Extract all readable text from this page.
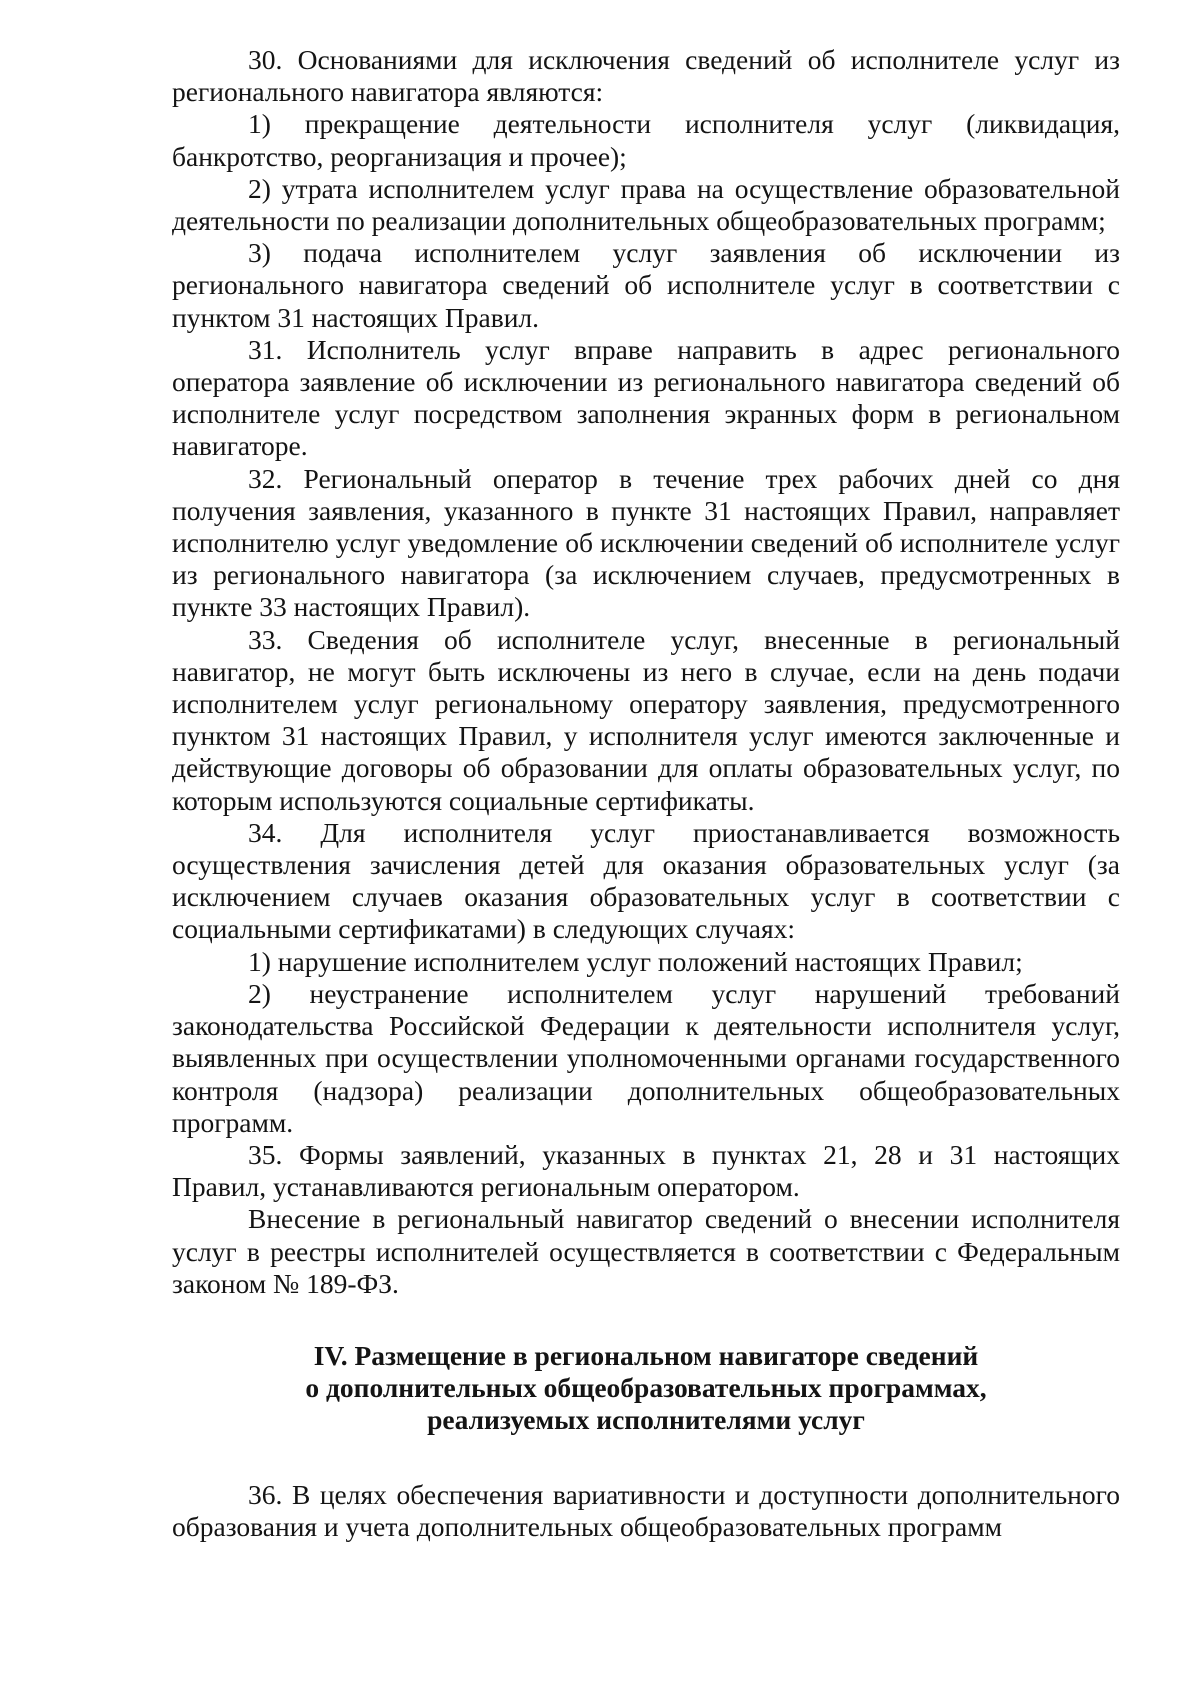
30. Основаниями для исключения сведений об исполнителе услуг из регионального навигатора являются:

1) прекращение деятельности исполнителя услуг (ликвидация, банкротство, реорганизация и прочее);

2) утрата исполнителем услуг права на осуществление образовательной деятельности по реализации дополнительных общеобразовательных программ;

3) подача исполнителем услуг заявления об исключении из регионального навигатора сведений об исполнителе услуг в соответствии с пунктом 31 настоящих Правил.

31. Исполнитель услуг вправе направить в адрес регионального оператора заявление об исключении из регионального навигатора сведений об исполнителе услуг посредством заполнения экранных форм в региональном навигаторе.

32. Региональный оператор в течение трех рабочих дней со дня получения заявления, указанного в пункте 31 настоящих Правил, направляет исполнителю услуг уведомление об исключении сведений об исполнителе услуг из регионального навигатора (за исключением случаев, предусмотренных в пункте 33 настоящих Правил).

33. Сведения об исполнителе услуг, внесенные в региональный навигатор, не могут быть исключены из него в случае, если на день подачи исполнителем услуг региональному оператору заявления, предусмотренного пунктом 31 настоящих Правил, у исполнителя услуг имеются заключенные и действующие договоры об образовании для оплаты образовательных услуг, по которым используются социальные сертификаты.

34. Для исполнителя услуг приостанавливается возможность осуществления зачисления детей для оказания образовательных услуг (за исключением случаев оказания образовательных услуг в соответствии с социальными сертификатами) в следующих случаях:

1) нарушение исполнителем услуг положений настоящих Правил;

2) неустранение исполнителем услуг нарушений требований законодательства Российской Федерации к деятельности исполнителя услуг, выявленных при осуществлении уполномоченными органами государственного контроля (надзора) реализации дополнительных общеобразовательных программ.

35. Формы заявлений, указанных в пунктах 21, 28 и 31 настоящих Правил, устанавливаются региональным оператором.

Внесение в региональный навигатор сведений о внесении исполнителя услуг в реестры исполнителей осуществляется в соответствии с Федеральным законом № 189-ФЗ.

IV. Размещение в региональном навигаторе сведений
о дополнительных общеобразовательных программах,
реализуемых исполнителями услуг

36. В целях обеспечения вариативности и доступности дополнительного образования и учета дополнительных общеобразовательных программ
